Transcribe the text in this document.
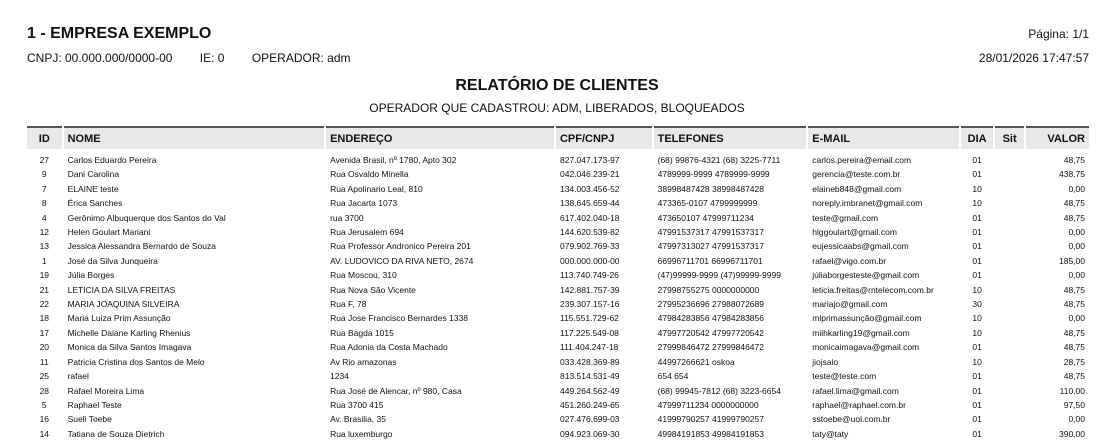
1 - EMPRESA EXEMPLO	Página: 1/1
CNPJ: 00.000.000/0000-00 IE: 0 OPERADOR: adm	28/01/2026 17:47:57
RELATÓRIO DE CLIENTES
OPERADOR QUE CADASTROU: ADM, LIBERADOS, BLOQUEADOS
ID	NOME	ENDEREÇO	CPF/CNPJ	TELEFONES	E-MAIL	DIA	Sit	VALOR
27	Carlos Eduardo Pereira	Avenida Brasil, nº 1780, Apto 302	827.047.173-97	(68) 99876-4321 (68) 3225-7711	carlos.pereira@email.com	01		48,75
9	Dani Carolina	Rua Osvaldo Minella	042.046.239-21	4789999-9999 4789999-9999	gerencia@teste.com.br	01		438,75
7	ELAINE teste	Rua Apolinario Leal, 810	134.003.456-52	38998487428 38998487428	elaineb848@gmail.com	10		0,00
8	Érica Sanches	Rua Jacarta 1073	138.645.659-44	473365-0107 4799999999	noreply.imbranet@gmail.com	10		48,75
4	Gerônimo Albuquerque dos Santos do Val	rua 3700	617.402.040-18	473650107 47999711234	teste@gmail.com	01		48,75
12	Helen Goulart Mariani	Rua Jerusalem 694	144.620.539-82	47991537317 47991537317	hlggoulart@gmail.com	01		0,00
13	Jessica Alessandra Bernardo de Souza	Rua Professor Andronico Pereira 201	079.902.769-33	47997313027 47991537317	eujessicaabs@gmail.com	01		0,00
1	José da Silva Junqueira	AV. LUDOVICO DA RIVA NETO, 2674	000.000.000-00	66996711701 66996711701	rafael@vigo.com.br	01		185,00
19	Júlia Borges	Rua Moscou, 310	113.740.749-26	(47)99999-9999 (47)99999-9999	júliaborgesteste@gmail.com	01		0,00
21	LETICIA DA SILVA FREITAS	Rua Nova São Vicente	142.881.757-39	27998755275 0000000000	leticia.freitas@rntelecom.com.br	10		48,75
22	MARIA JOAQUINA SILVEIRA	Rua F, 78	239.307.157-16	27995236696 27988072689	mariajo@gmail.com	30		48,75
18	Maria Luiza Prim Assunção	Rua Jose Francisco Bernardes 1338	115.551.729-62	47984283856 47984283856	mlprimassunção@gmail.com	10		0,00
17	Michelle Daiane Karling Rhenius	Rua Bagda 1015	117.225.549-08	47997720542 47997720542	miihkarling19@gmail.com	10		48,75
20	Monica da Silva Santos Imagava	Rua Adonia da Costa Machado	111.404.247-18	27999846472 27999846472	monicaimagava@gmail.com	01		48,75
11	Patricia Cristina dos Santos de Melo	Av Rio amazonas	033.428.369-89	44997266621 oskoa	jiojsaio	10		28,75
25	rafael	1234	813.514.531-49	654 654	teste@teste.com	01		48,75
28	Rafael Moreira Lima	Rua José de Alencar, nº 980, Casa	449.264.562-49	(68) 99945-7812 (68) 3223-6654	rafael.lima@gmail.com	01		110,00
5	Raphael Teste	Rua 3700 415	451.260.249-65	47999711234 0000000000	raphael@raphael.com.br	01		97,50
16	Sueli Toebe	Av. Brasilia, 35	027.476.699-03	41999790257 41999790257	sstoebe@uol.com.br	01		0,00
14	Tatiana de Souza Dietrich	Rua luxemburgo	094.923.069-30	49984191853 49984191853	taty@taty	01		390,00
